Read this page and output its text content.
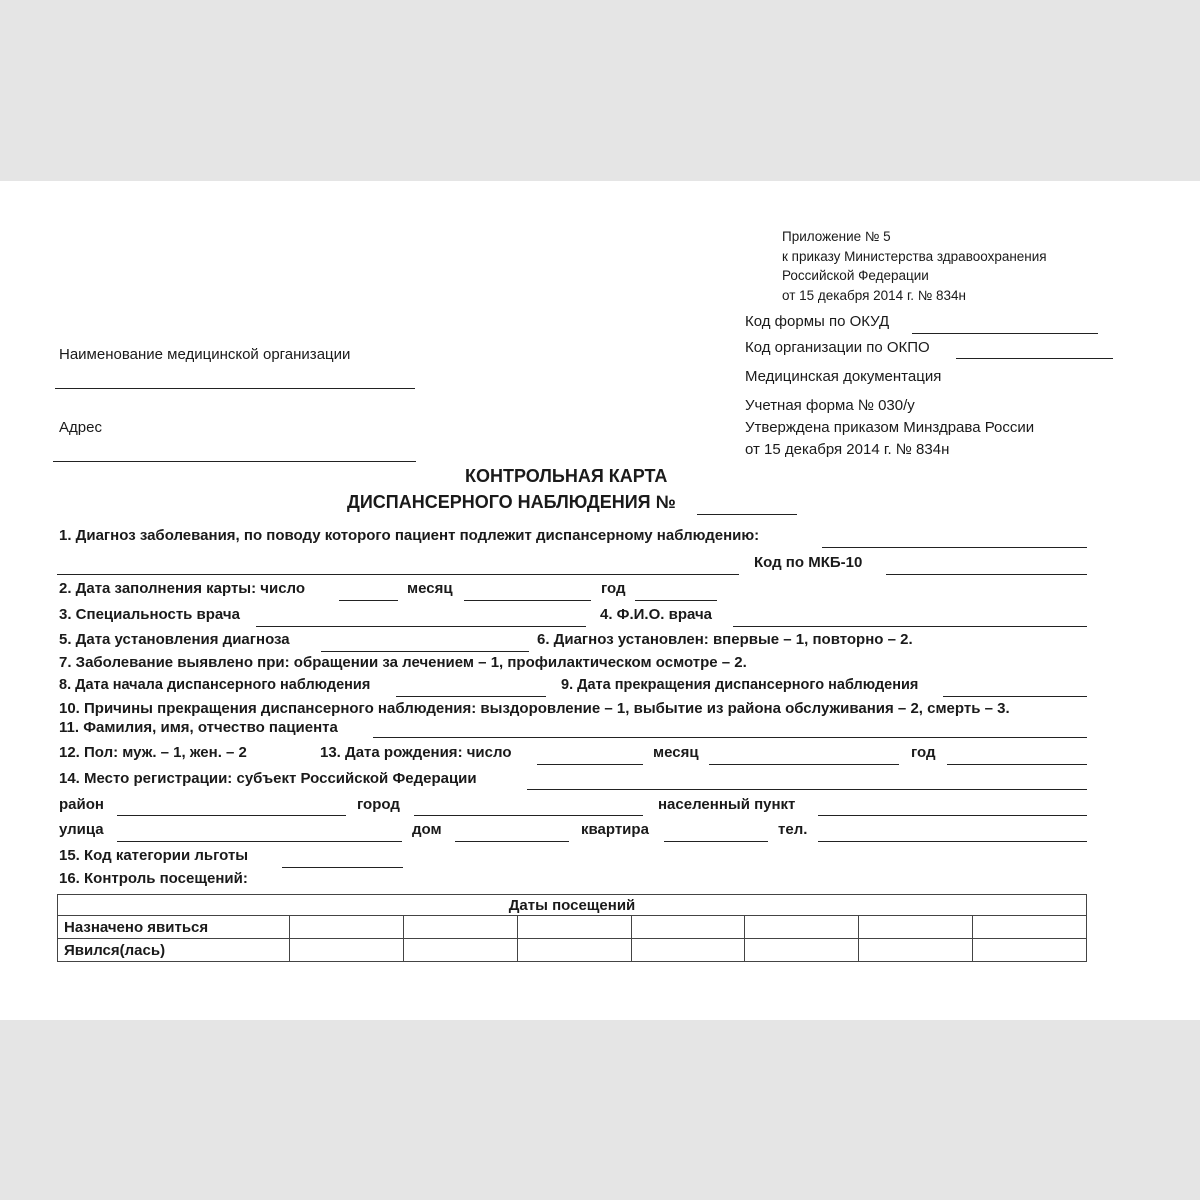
Приложение № 5
к приказу Министерства здравоохранения
Российской Федерации
от 15 декабря 2014 г. № 834н
Код формы по ОКУД
Код организации по ОКПО
Медицинская документация
Учетная форма № 030/у
Утверждена приказом Минздрава России
от 15 декабря 2014 г. № 834н
Наименование медицинской организации
Адрес
КОНТРОЛЬНАЯ КАРТА
ДИСПАНСЕРНОГО НАБЛЮДЕНИЯ №
1. Диагноз заболевания, по поводу которого пациент подлежит диспансерному наблюдению:
Код по МКБ-10
2. Дата заполнения карты: число	месяц	год
3. Специальность врача	4. Ф.И.О. врача
5. Дата установления диагноза	6. Диагноз установлен: впервые – 1, повторно – 2.
7. Заболевание выявлено при: обращении за лечением – 1, профилактическом осмотре – 2.
8. Дата начала диспансерного наблюдения	9. Дата прекращения диспансерного наблюдения
10. Причины прекращения диспансерного наблюдения: выздоровление – 1, выбытие из района обслуживания – 2, смерть – 3.
11. Фамилия, имя, отчество пациента
12. Пол: муж. – 1, жен. – 2	13. Дата рождения: число	месяц	год
14. Место регистрации: субъект Российской Федерации
район	город	населенный пункт
улица	дом	квартира	тел.
15. Код категории льготы
16. Контроль посещений:
Даты посещений							
Назначено явиться							
Явился(лась)							
